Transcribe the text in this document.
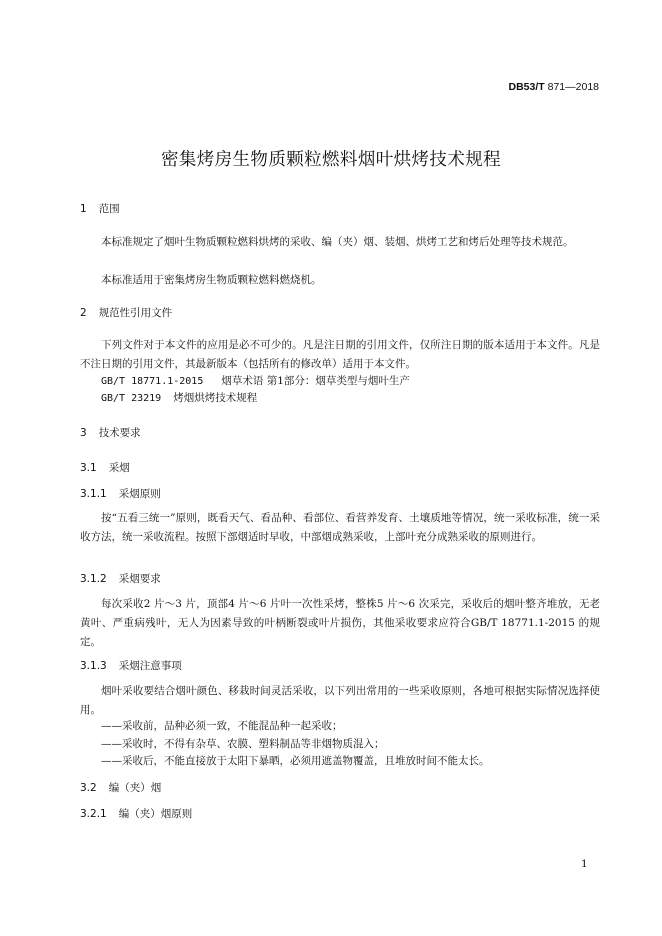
DB53/T 871—2018
密集烤房生物质颗粒燃料烟叶烘烤技术规程
1 范围
本标准规定了烟叶生物质颗粒燃料烘烤的采收、编（夹）烟、装烟、烘烤工艺和烤后处理等技术规范。
本标准适用于密集烤房生物质颗粒燃料燃烧机。
2 规范性引用文件
下列文件对于本文件的应用是必不可少的。凡是注日期的引用文件，仅所注日期的版本适用于本文件。凡是不注日期的引用文件，其最新版本（包括所有的修改单）适用于本文件。
GB/T 18771.1-2015 烟草术语 第1部分：烟草类型与烟叶生产
GB/T 23219 烤烟烘烤技术规程
3 技术要求
3.1 采烟
3.1.1 采烟原则
按“五看三统一”原则，既看天气、看品种、看部位、看营养发育、土壤质地等情况，统一采收标准，统一采收方法，统一采收流程。按照下部烟适时早收，中部烟成熟采收，上部叶充分成熟采收的原则进行。
3.1.2 采烟要求
每次采收2 片～3 片，顶部4 片～6 片叶一次性采烤，整株5 片～6 次采完，采收后的烟叶整齐堆放，无老黄叶、严重病残叶，无人为因素导致的叶柄断裂或叶片损伤，其他采收要求应符合GB/T 18771.1-2015 的规定。
3.1.3 采烟注意事项
烟叶采收要结合烟叶颜色、移栽时间灵活采收，以下列出常用的一些采收原则，各地可根据实际情况选择使用。
——采收前，品种必须一致，不能混品种一起采收；
——采收时，不得有杂草、农膜、塑料制品等非烟物质混入；
——采收后，不能直接放于太阳下暴晒，必须用遮盖物覆盖，且堆放时间不能太长。
3.2 编（夹）烟
3.2.1 编（夹）烟原则
1
